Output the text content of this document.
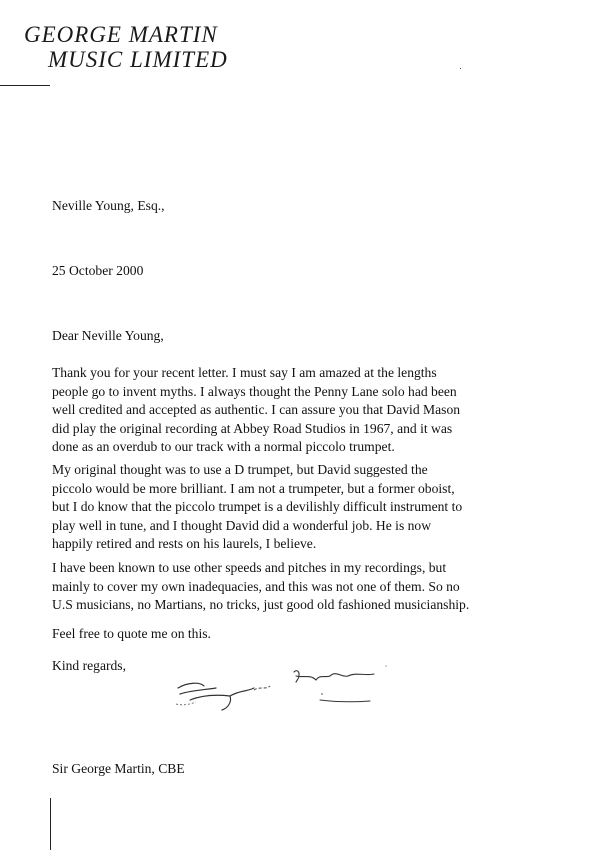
GEORGE MARTIN
MUSIC LIMITED
Neville Young, Esq.,
25 October 2000
Dear Neville Young,
Thank you for your recent letter. I must say I am amazed at the lengths
people go to invent myths. I always thought the Penny Lane solo had been
well credited and accepted as authentic. I can assure you that David Mason
did play the original recording at Abbey Road Studios in 1967, and it was
done as an overdub to our track with a normal piccolo trumpet.
My original thought was to use a D trumpet, but David suggested the
piccolo would be more brilliant. I am not a trumpeter, but a former oboist,
but I do know that the piccolo trumpet is a devilishly difficult instrument to
play well in tune, and I thought David did a wonderful job. He is now
happily retired and rests on his laurels, I believe.
I have been known to use other speeds and pitches in my recordings, but
mainly to cover my own inadequacies, and this was not one of them. So no
U.S musicians, no Martians, no tricks, just good old fashioned musicianship.
Feel free to quote me on this.
Kind regards,	George Martin
Sir George Martin, CBE
